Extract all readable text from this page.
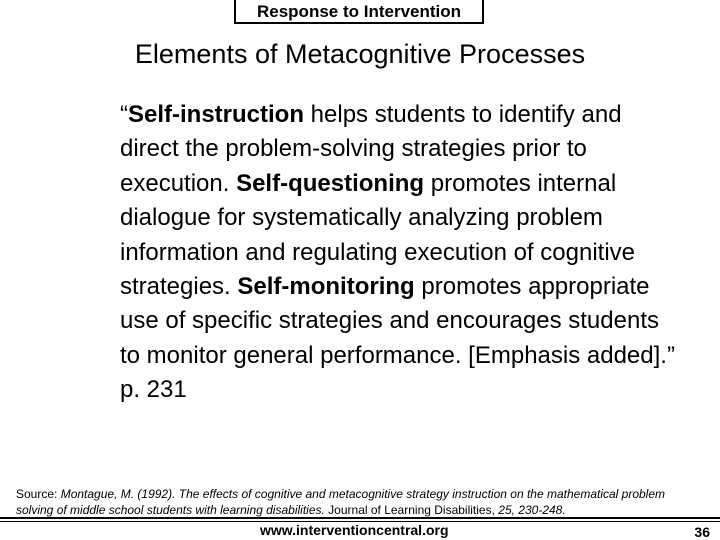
Response to Intervention
Elements of Metacognitive Processes
“Self-instruction helps students to identify and direct the problem-solving strategies prior to execution. Self-questioning promotes internal dialogue for systematically analyzing problem information and regulating execution of cognitive strategies. Self-monitoring promotes appropriate use of specific strategies and encourages students to monitor general performance. [Emphasis added].” p. 231
Source: Montague, M. (1992). The effects of cognitive and metacognitive strategy instruction on the mathematical problem solving of middle school students with learning disabilities. Journal of Learning Disabilities, 25, 230-248.
www.interventioncentral.org	36
